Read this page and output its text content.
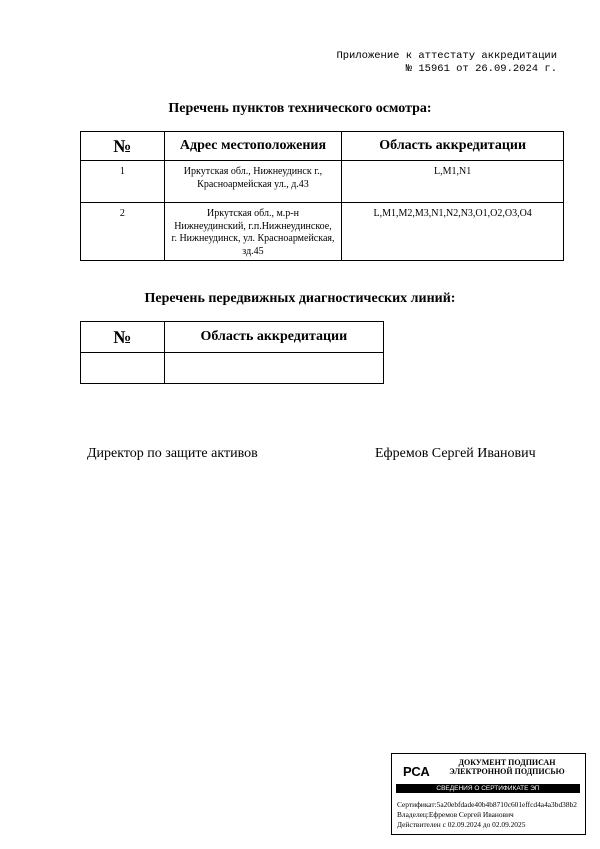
Приложение к аттестату аккредитации
№ 15961 от 26.09.2024 г.
Перечень пунктов технического осмотра:
№	Адрес местоположения	Область аккредитации
1	Иркутская обл., Нижнеудинск г.,
Красноармейская ул., д.43	L,M1,N1
2	Иркутская обл., м.р-н
Нижнеудинский, г.п.Нижнеудинское,
г. Нижнеудинск, ул. Красноармейская,
зд.45	L,M1,M2,M3,N1,N2,N3,O1,O2,O3,O4
Перечень передвижных диагностических линий:
№	Область аккредитации

Директор по защите активов	Ефремов Сергей Иванович
РСА
ДОКУМЕНТ ПОДПИСАН
ЭЛЕКТРОННОЙ ПОДПИСЬЮ
СВЕДЕНИЯ О СЕРТИФИКАТЕ ЭП
Сертификат:5a20ebfdade40b4b8710c601effcd4a4a3bd38b2
Владелец:Ефремов Сергей Иванович
Действителен с 02.09.2024 до 02.09.2025
